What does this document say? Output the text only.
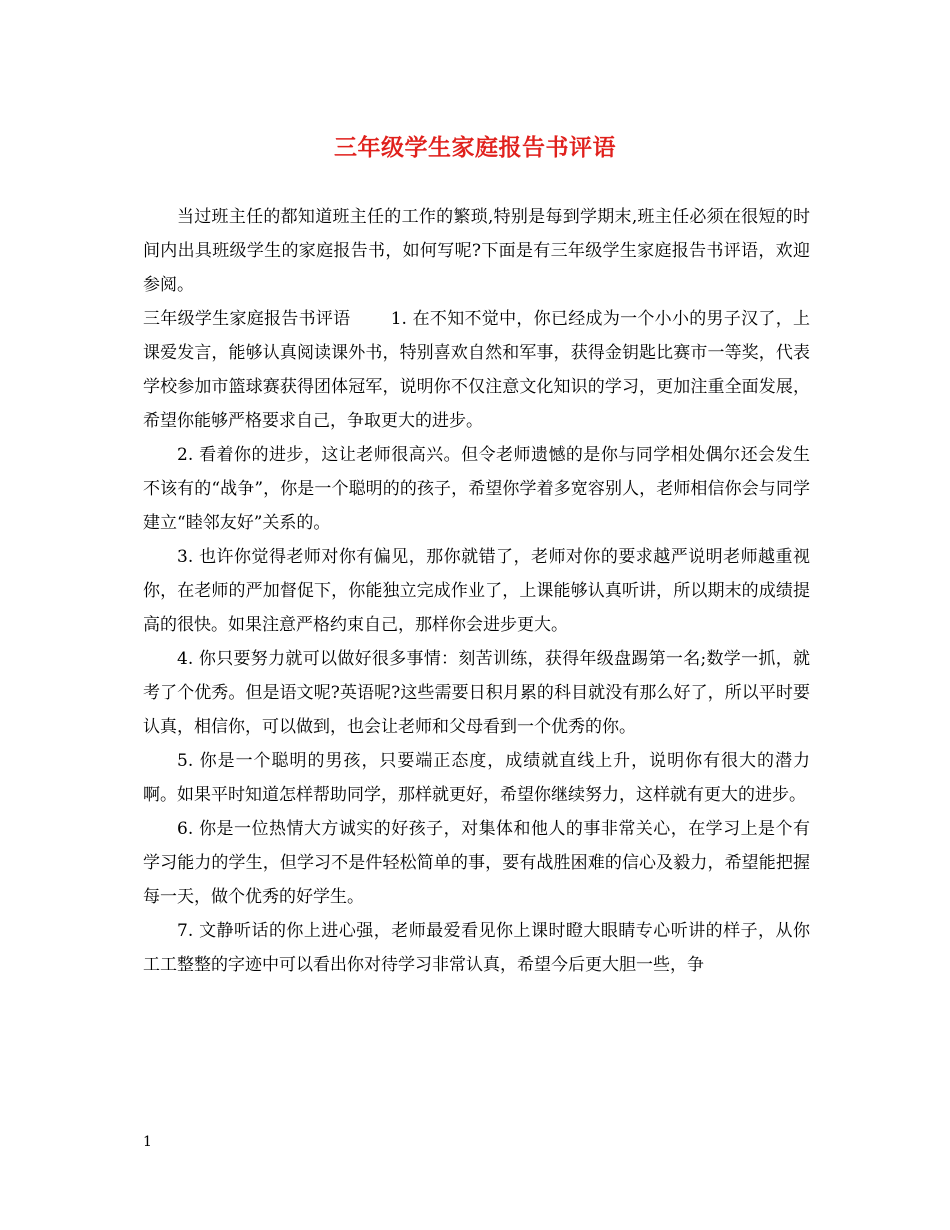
三年级学生家庭报告书评语

当过班主任的都知道班主任的工作的繁琐,特别是每到学期末,班主任必须在很短的时间内出具班级学生的家庭报告书，如何写呢?下面是有三年级学生家庭报告书评语，欢迎参阅。

三年级学生家庭报告书评语　　 1. 在不知不觉中，你已经成为一个小小的男子汉了，上课爱发言，能够认真阅读课外书，特别喜欢自然和军事，获得金钥匙比赛市一等奖，代表学校参加市篮球赛获得团体冠军，说明你不仅注意文化知识的学习，更加注重全面发展，希望你能够严格要求自己，争取更大的进步。

2. 看着你的进步，这让老师很高兴。但令老师遗憾的是你与同学相处偶尔还会发生不该有的“战争”，你是一个聪明的的孩子，希望你学着多宽容别人，老师相信你会与同学建立“睦邻友好”关系的。

3. 也许你觉得老师对你有偏见，那你就错了，老师对你的要求越严说明老师越重视你，在老师的严加督促下，你能独立完成作业了，上课能够认真听讲，所以期末的成绩提高的很快。如果注意严格约束自己，那样你会进步更大。

4. 你只要努力就可以做好很多事情：刻苦训练，获得年级盘踢第一名;数学一抓，就考了个优秀。但是语文呢?英语呢?这些需要日积月累的科目就没有那么好了，所以平时要认真，相信你，可以做到，也会让老师和父母看到一个优秀的你。

5. 你是一个聪明的男孩，只要端正态度，成绩就直线上升，说明你有很大的潜力啊。如果平时知道怎样帮助同学，那样就更好，希望你继续努力，这样就有更大的进步。

6. 你是一位热情大方诚实的好孩子，对集体和他人的事非常关心，在学习上是个有学习能力的学生，但学习不是件轻松简单的事，要有战胜困难的信心及毅力，希望能把握每一天，做个优秀的好学生。

7. 文静听话的你上进心强，老师最爱看见你上课时瞪大眼睛专心听讲的样子，从你工工整整的字迹中可以看出你对待学习非常认真，希望今后更大胆一些，争

1
